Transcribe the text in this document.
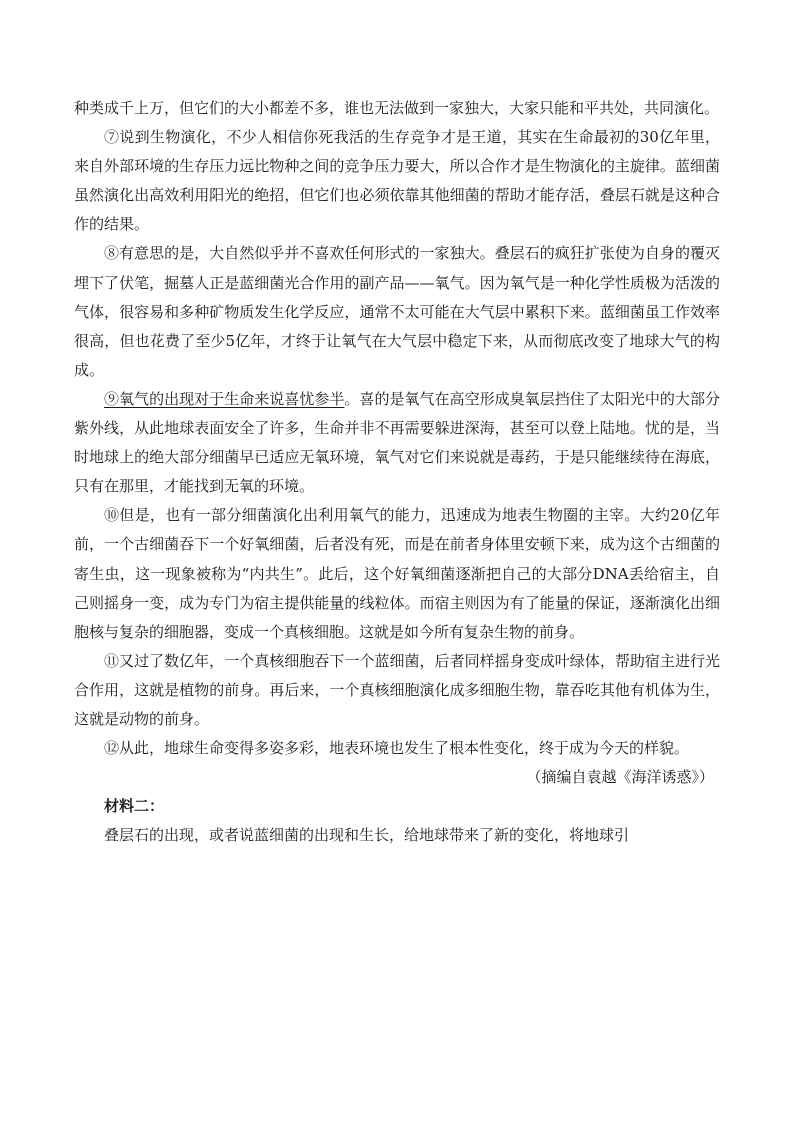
种类成千上万，但它们的大小都差不多，谁也无法做到一家独大，大家只能和平共处，共同演化。

⑦说到生物演化，不少人相信你死我活的生存竞争才是王道，其实在生命最初的30亿年里，来自外部环境的生存压力远比物种之间的竞争压力要大，所以合作才是生物演化的主旋律。蓝细菌虽然演化出高效利用阳光的绝招，但它们也必须依靠其他细菌的帮助才能存活，叠层石就是这种合作的结果。

⑧有意思的是，大自然似乎并不喜欢任何形式的一家独大。叠层石的疯狂扩张使为自身的覆灭埋下了伏笔，掘墓人正是蓝细菌光合作用的副产品——氧气。因为氧气是一种化学性质极为活泼的气体，很容易和多种矿物质发生化学反应，通常不太可能在大气层中累积下来。蓝细菌虽工作效率很高，但也花费了至少5亿年，才终于让氧气在大气层中稳定下来，从而彻底改变了地球大气的构成。

⑨氧气的出现对于生命来说喜忧参半。喜的是氧气在高空形成臭氧层挡住了太阳光中的大部分紫外线，从此地球表面安全了许多，生命并非不再需要躲进深海，甚至可以登上陆地。忧的是，当时地球上的绝大部分细菌早已适应无氧环境，氧气对它们来说就是毒药，于是只能继续待在海底，只有在那里，才能找到无氧的环境。

⑩但是，也有一部分细菌演化出利用氧气的能力，迅速成为地表生物圈的主宰。大约20亿年前，一个古细菌吞下一个好氧细菌，后者没有死，而是在前者身体里安顿下来，成为这个古细菌的寄生虫，这一现象被称为“内共生”。此后，这个好氧细菌逐渐把自己的大部分DNA丢给宿主，自己则摇身一变，成为专门为宿主提供能量的线粒体。而宿主则因为有了能量的保证，逐渐演化出细胞核与复杂的细胞器，变成一个真核细胞。这就是如今所有复杂生物的前身。

⑪又过了数亿年，一个真核细胞吞下一个蓝细菌，后者同样摇身变成叶绿体，帮助宿主进行光合作用，这就是植物的前身。再后来，一个真核细胞演化成多细胞生物，靠吞吃其他有机体为生，这就是动物的前身。

⑫从此，地球生命变得多姿多彩，地表环境也发生了根本性变化，终于成为今天的样貌。

（摘编自袁越《海洋诱惑》）

材料二：

叠层石的出现，或者说蓝细菌的出现和生长，给地球带来了新的变化，将地球引
